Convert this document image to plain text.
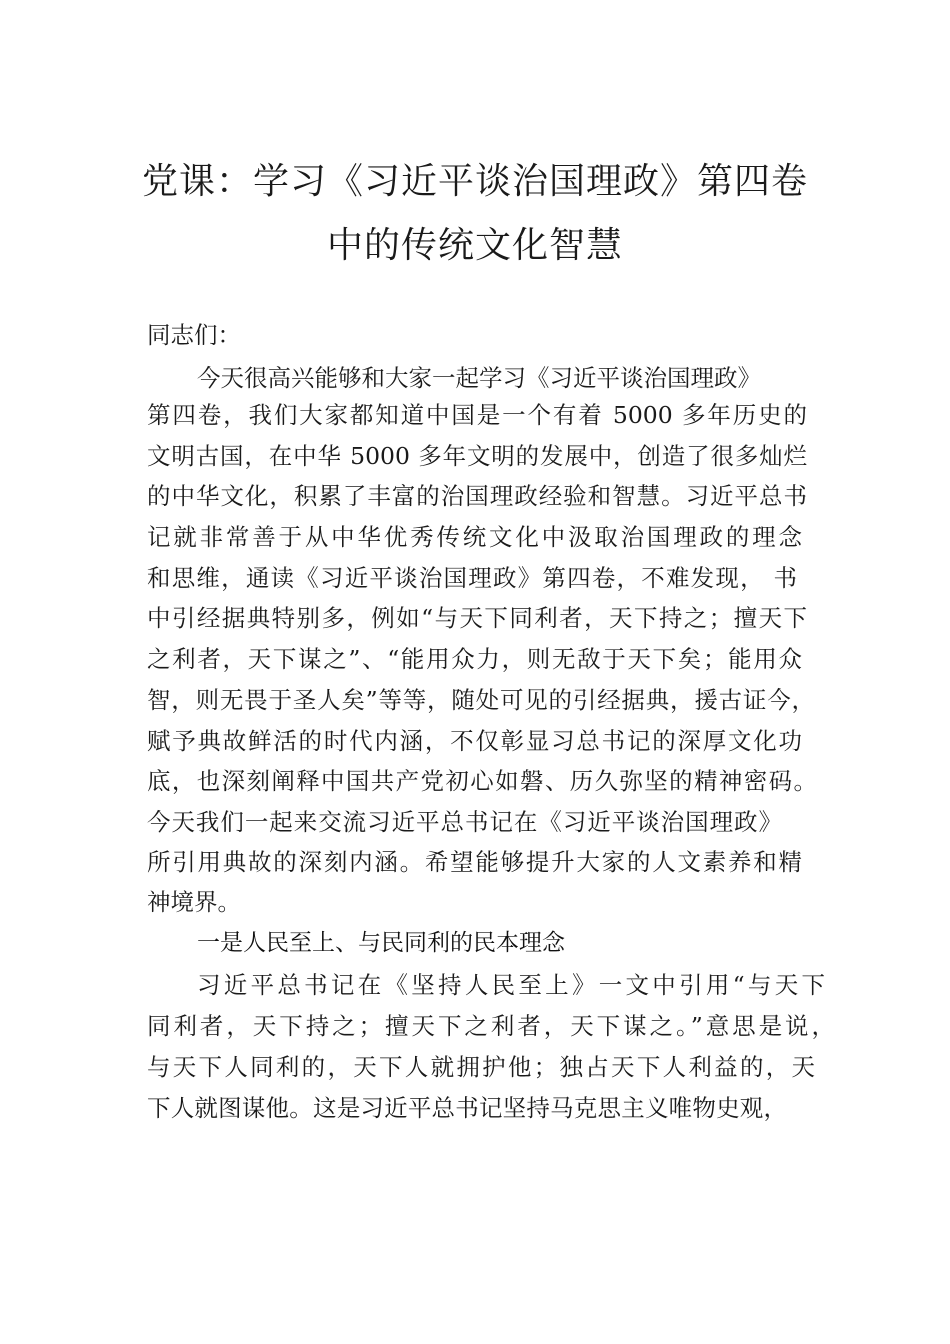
党课：学习《习近平谈治国理政》第四卷
中的传统文化智慧
同志们：
今天很高兴能够和大家一起学习《习近平谈治国理政》
第四卷，我们大家都知道中国是一个有着 5000 多年历史的
文明古国，在中华 5000 多年文明的发展中，创造了很多灿烂
的中华文化，积累了丰富的治国理政经验和智慧。习近平总书
记就非常善于从中华优秀传统文化中汲取治国理政的理念
和思维，通读《习近平谈治国理政》第四卷，不难发现， 书
中引经据典特别多，例如“与天下同利者，天下持之；擅天下
之利者，天下谋之”、“能用众力，则无敌于天下矣；能用众
智，则无畏于圣人矣”等等，随处可见的引经据典，援古证今，
赋予典故鲜活的时代内涵，不仅彰显习总书记的深厚文化功
底，也深刻阐释中国共产党初心如磐、历久弥坚的精神密码。
今天我们一起来交流习近平总书记在《习近平谈治国理政》
所引用典故的深刻内涵。希望能够提升大家的人文素养和精
神境界。
一是人民至上、与民同利的民本理念
习近平总书记在《坚持人民至上》一文中引用“与天下
同利者，天下持之；擅天下之利者，天下谋之。”意思是说，
与天下人同利的，天下人就拥护他；独占天下人利益的，天
下人就图谋他。这是习近平总书记坚持马克思主义唯物史观，
